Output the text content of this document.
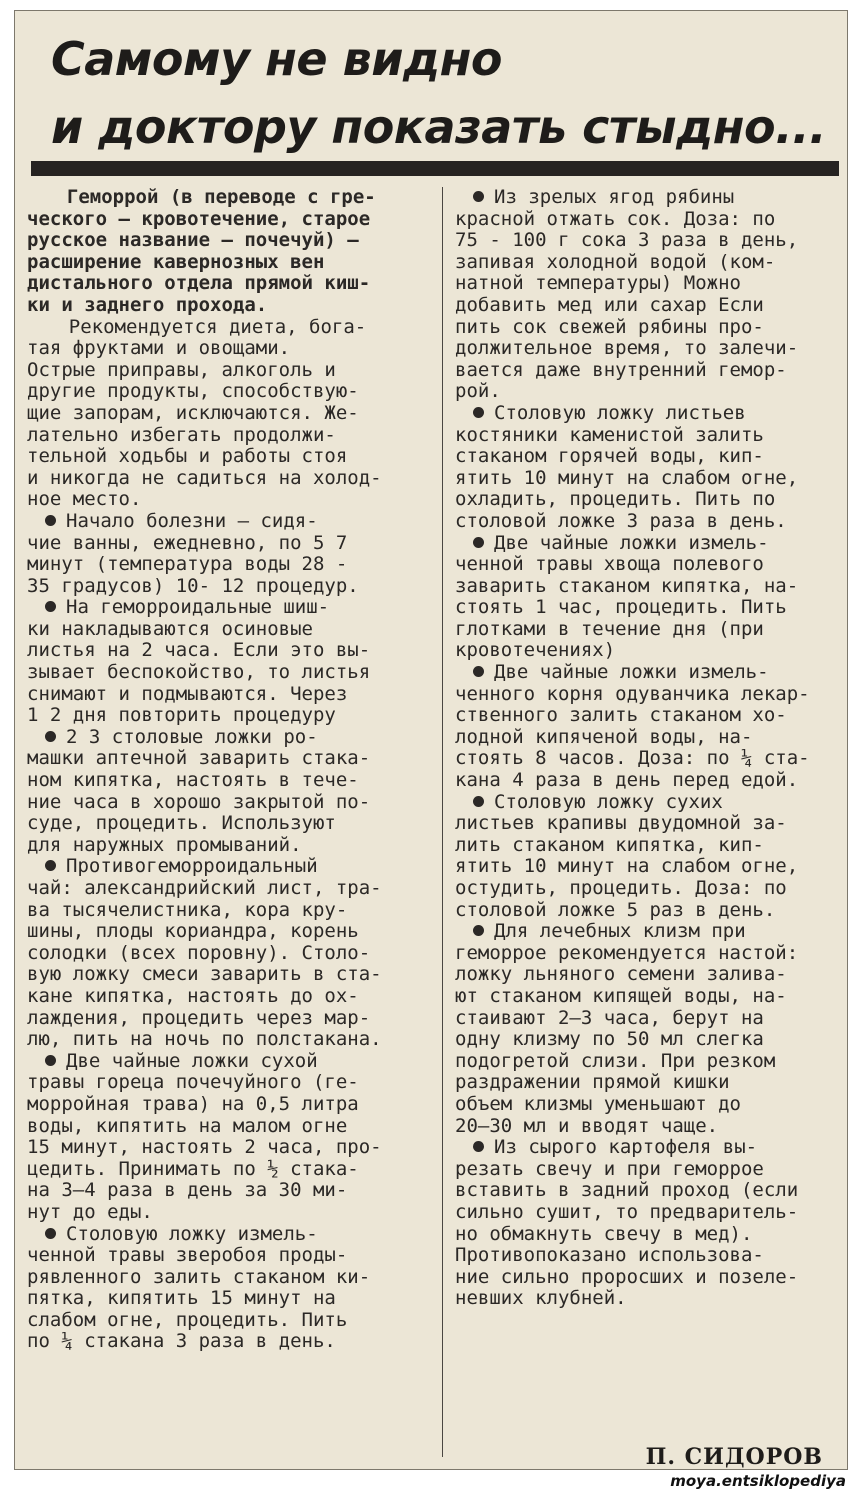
Самому не видно
и доктору показать стыдно...

Геморрой (в переводе с гре-
ческого — кровотечение, старое
русское название — почечуй) —
расширение кавернозных вен
дистального отдела прямой киш-
ки и заднего прохода.

Рекомендуется диета, бога-
тая фруктами и овощами.
Острые приправы, алкоголь и
другие продукты, способствую-
щие запорам, исключаются. Же-
лательно избегать продолжи-
тельной ходьбы и работы стоя
и никогда не садиться на холод-
ное место.

Начало болезни — сидя-
чие ванны, ежедневно, по 5 7
минут (температура воды 28 -
35 градусов) 10- 12 процедур.

На геморроидальные шиш-
ки накладываются осиновые
листья на 2 часа. Если это вы-
зывает беспокойство, то листья
снимают и подмываются. Через
1 2 дня повторить процедуру

2 3 столовые ложки ро-
машки аптечной заварить стака-
ном кипятка, настоять в тече-
ние часа в хорошо закрытой по-
суде, процедить. Используют
для наружных промываний.

Противогеморроидальный
чай: александрийский лист, тра-
ва тысячелистника, кора кру-
шины, плоды кориандра, корень
солодки (всех поровну). Столо-
вую ложку смеси заварить в ста-
кане кипятка, настоять до ох-
лаждения, процедить через мар-
лю, пить на ночь по полстакана.

Две чайные ложки сухой
травы гореца почечуйного (ге-
морройная трава) на 0,5 литра
воды, кипятить на малом огне
15 минут, настоять 2 часа, про-
цедить. Принимать по ½ стака-
на 3—4 раза в день за 30 ми-
нут до еды.

Столовую ложку измель-
ченной травы зверобоя проды-
рявленного залить стаканом ки-
пятка, кипятить 15 минут на
слабом огне, процедить. Пить
по ¼ стакана 3 раза в день.

Из зрелых ягод рябины
красной отжать сок. Доза: по
75 - 100 г сока 3 раза в день,
запивая холодной водой (ком-
натной температуры) Можно
добавить мед или сахар Если
пить сок свежей рябины про-
должительное время, то залечи-
вается даже внутренний гемор-
рой.

Столовую ложку листьев
костяники каменистой залить
стаканом горячей воды, кип-
ятить 10 минут на слабом огне,
охладить, процедить. Пить по
столовой ложке 3 раза в день.

Две чайные ложки измель-
ченной травы хвоща полевого
заварить стаканом кипятка, на-
стоять 1 час, процедить. Пить
глотками в течение дня (при
кровотечениях)

Две чайные ложки измель-
ченного корня одуванчика лекар-
ственного залить стаканом хо-
лодной кипяченой воды, на-
стоять 8 часов. Доза: по ¼ ста-
кана 4 раза в день перед едой.

Столовую ложку сухих
листьев крапивы двудомной за-
лить стаканом кипятка, кип-
ятить 10 минут на слабом огне,
остудить, процедить. Доза: по
столовой ложке 5 раз в день.

Для лечебных клизм при
геморрое рекомендуется настой:
ложку льняного семени залива-
ют стаканом кипящей воды, на-
стаивают 2—3 часа, берут на
одну клизму по 50 мл слегка
подогретой слизи. При резком
раздражении прямой кишки
объем клизмы уменьшают до
20—30 мл и вводят чаще.

Из сырого картофеля вы-
резать свечу и при геморрое
вставить в задний проход (если
сильно сушит, то предваритель-
но обмакнуть свечу в мед).
Противопоказано использова-
ние сильно проросших и позеле-
невших клубней.

П. СИДОРОВ

moya.entsiklopediya
